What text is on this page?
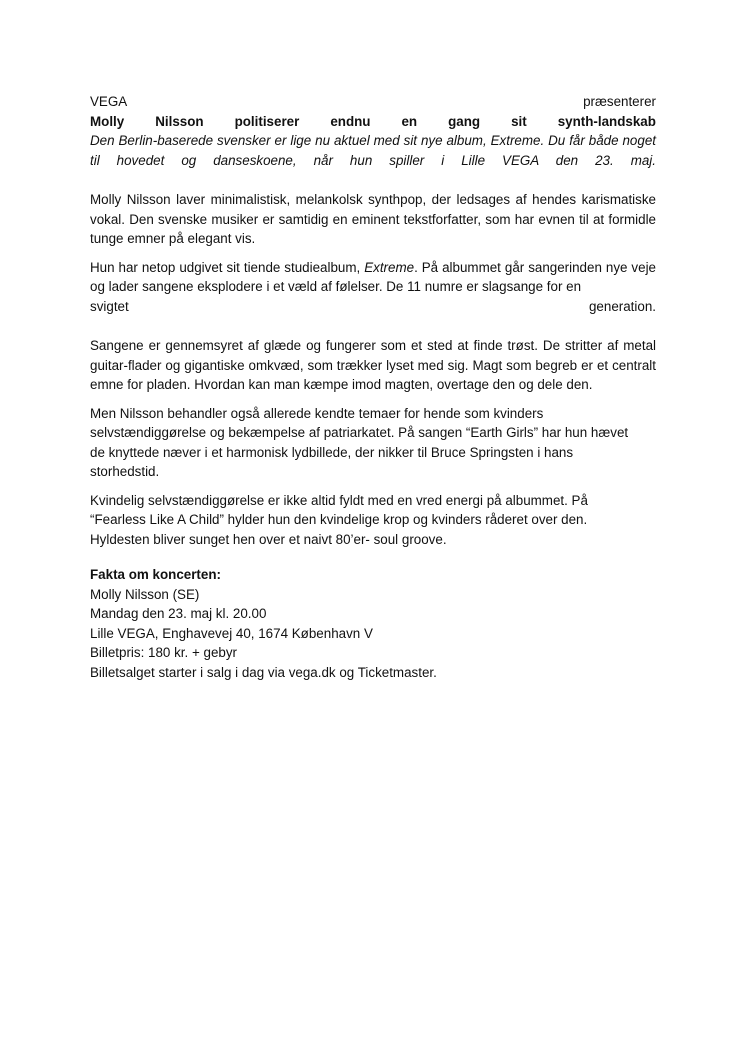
VEGA	præsenterer
Molly Nilsson politiserer endnu en gang sit synth-landskab

Den Berlin-baserede svensker er lige nu aktuel med sit nye album, Extreme. Du får både noget

til hovedet og danseskoene, når hun spiller i Lille VEGA den 23. maj.

Molly Nilsson laver minimalistisk, melankolsk synthpop, der ledsages af hendes karismatiske vokal. Den svenske musiker er samtidig en eminent tekstforfatter, som har evnen til at formidle tunge emner på elegant vis.

Hun har netop udgivet sit tiende studiealbum, Extreme. På albummet går sangerinden nye veje og lader sangene eksplodere i et væld af følelser. De 11 numre er slagsange for en

svigtet	generation.

Sangene er gennemsyret af glæde og fungerer som et sted at finde trøst. De stritter af metal guitar-flader og gigantiske omkvæd, som trækker lyset med sig. Magt som begreb er et centralt emne for pladen. Hvordan kan man kæmpe imod magten, overtage den og dele den.

Men Nilsson behandler også allerede kendte temaer for hende som kvinders
selvstændiggørelse og bekæmpelse af patriarkatet. På sangen “Earth Girls” har hun hævet
de knyttede næver i et harmonisk lydbillede, der nikker til Bruce Springsten i hans
storhedstid.

Kvindelig selvstændiggørelse er ikke altid fyldt med en vred energi på albummet. På
“Fearless Like A Child” hylder hun den kvindelige krop og kvinders råderet over den.
Hyldesten bliver sunget hen over et naivt 80’er- soul groove.

Fakta om koncerten:
Molly Nilsson (SE)
Mandag den 23. maj kl. 20.00
Lille VEGA, Enghavevej 40, 1674 København V
Billetpris: 180 kr. + gebyr
Billetsalget starter i salg i dag via vega.dk og Ticketmaster.
